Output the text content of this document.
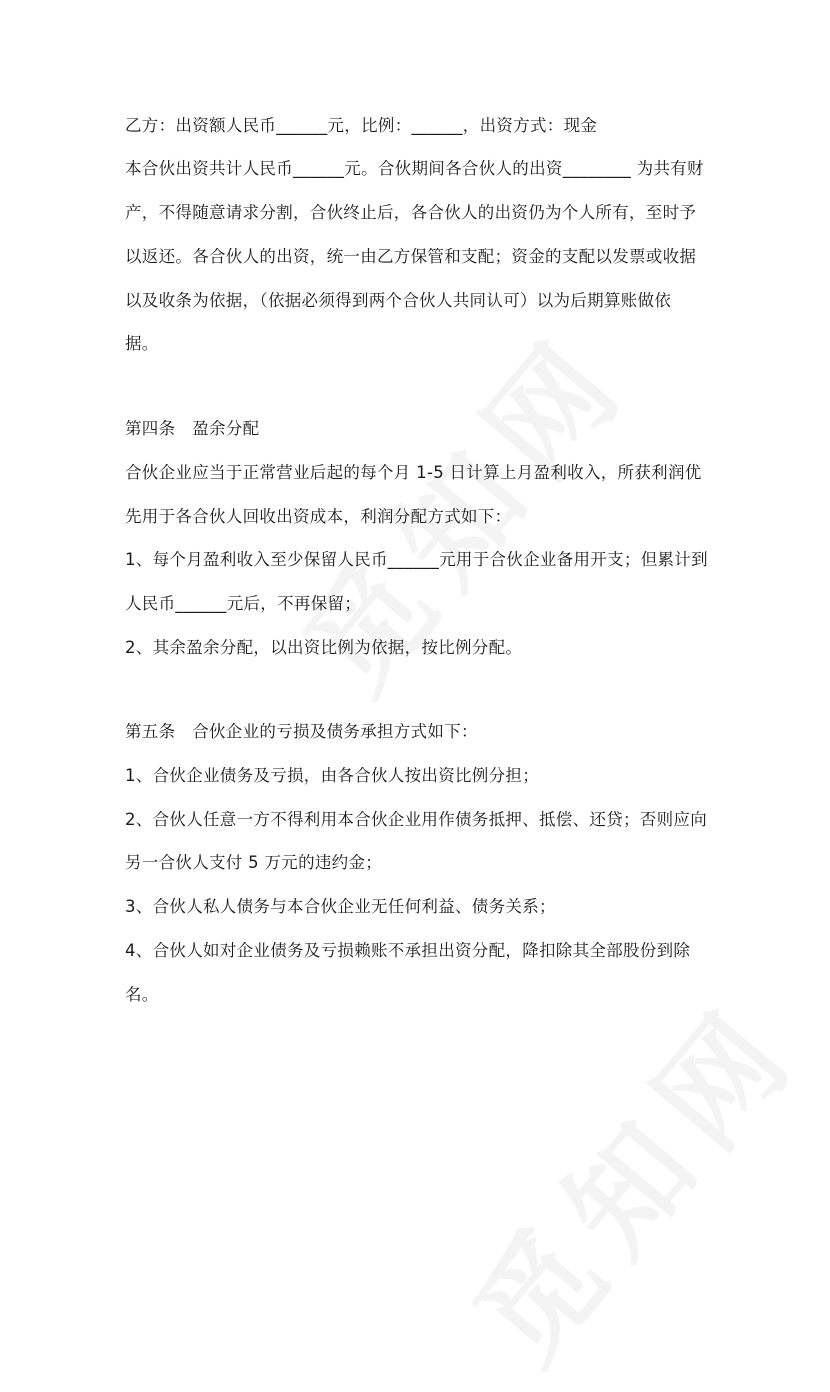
乙方：出资额人民币______元，比例：______，出资方式：现金
本合伙出资共计人民币______元。合伙期间各合伙人的出资________ 为共有财
产，不得随意请求分割，合伙终止后，各合伙人的出资仍为个人所有，至时予
以返还。各合伙人的出资，统一由乙方保管和支配；资金的支配以发票或收据
以及收条为依据，（依据必须得到两个合伙人共同认可）以为后期算账做依
据。
第四条　盈余分配
合伙企业应当于正常营业后起的每个月 1-5 日计算上月盈利收入，所获利润优
先用于各合伙人回收出资成本，利润分配方式如下：
1、每个月盈利收入至少保留人民币______元用于合伙企业备用开支；但累计到
人民币______元后，不再保留；
2、其余盈余分配，以出资比例为依据，按比例分配。
第五条　合伙企业的亏损及债务承担方式如下：
1、合伙企业债务及亏损，由各合伙人按出资比例分担；
2、合伙人任意一方不得利用本合伙企业用作债务抵押、抵偿、还贷；否则应向
另一合伙人支付 5 万元的违约金；
3、合伙人私人债务与本合伙企业无任何利益、债务关系；
4、合伙人如对企业债务及亏损赖账不承担出资分配，降扣除其全部股份到除
名。
